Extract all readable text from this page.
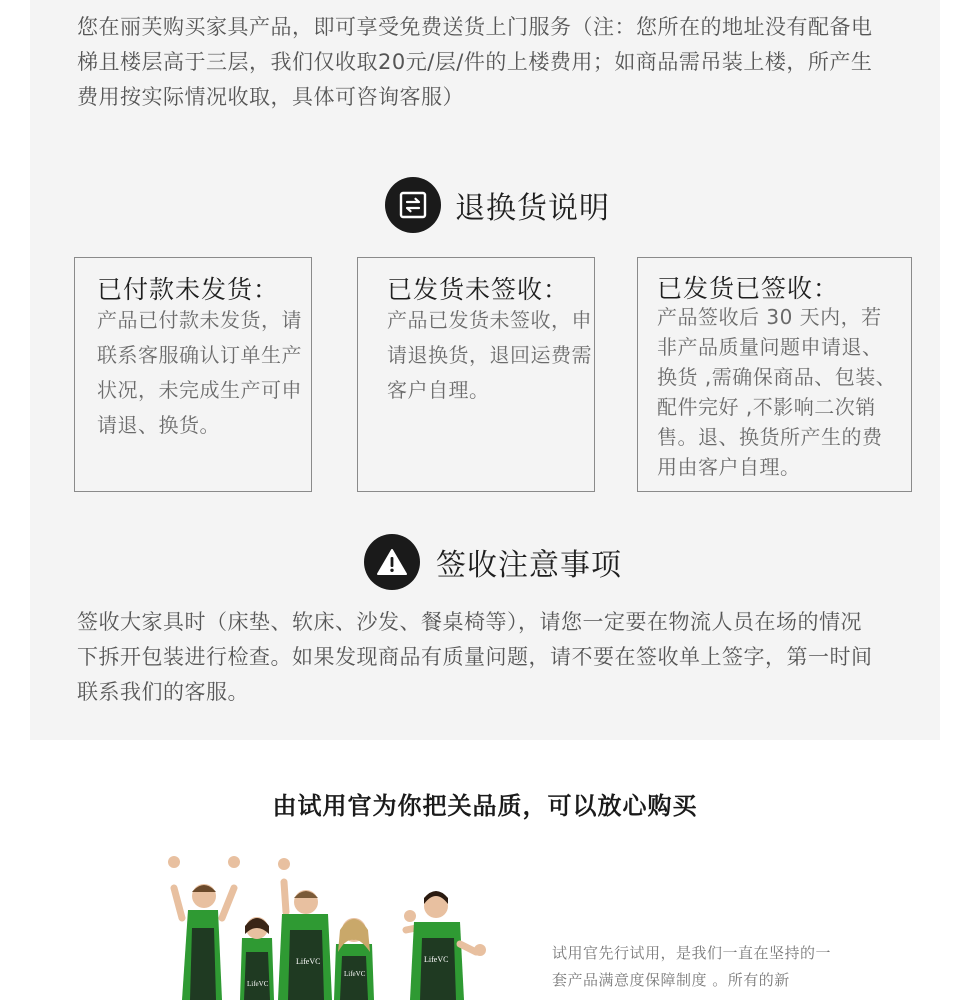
您在丽芙购买家具产品，即可享受免费送货上门服务（注：您所在的地址没有配备电梯且楼层高于三层，我们仅收取20元/层/件的上楼费用；如商品需吊装上楼，所产生费用按实际情况收取，具体可咨询客服）

退换货说明
已付款未发货：

产品已付款未发货，请联系客服确认订单生产状况，未完成生产可申请退、换货。

已发货未签收：

产品已发货未签收，申请退换货，退回运费需客户自理。

已发货已签收：

产品签收后 30 天内，若非产品质量问题申请退、换货 ,需确保商品、包装、配件完好 ,不影响二次销售。退、换货所产生的费用由客户自理。

签收注意事项

签收大家具时（床垫、软床、沙发、餐桌椅等），请您一定要在物流人员在场的情况下拆开包装进行检查。如果发现商品有质量问题，请不要在签收单上签字，第一时间联系我们的客服。

由试用官为你把关品质，可以放心购买
LifeVC
LifeVC
LifeVC
LifeVC	试用官先行试用，是我们一直在坚持的一套产品满意度保障制度 。所有的新
